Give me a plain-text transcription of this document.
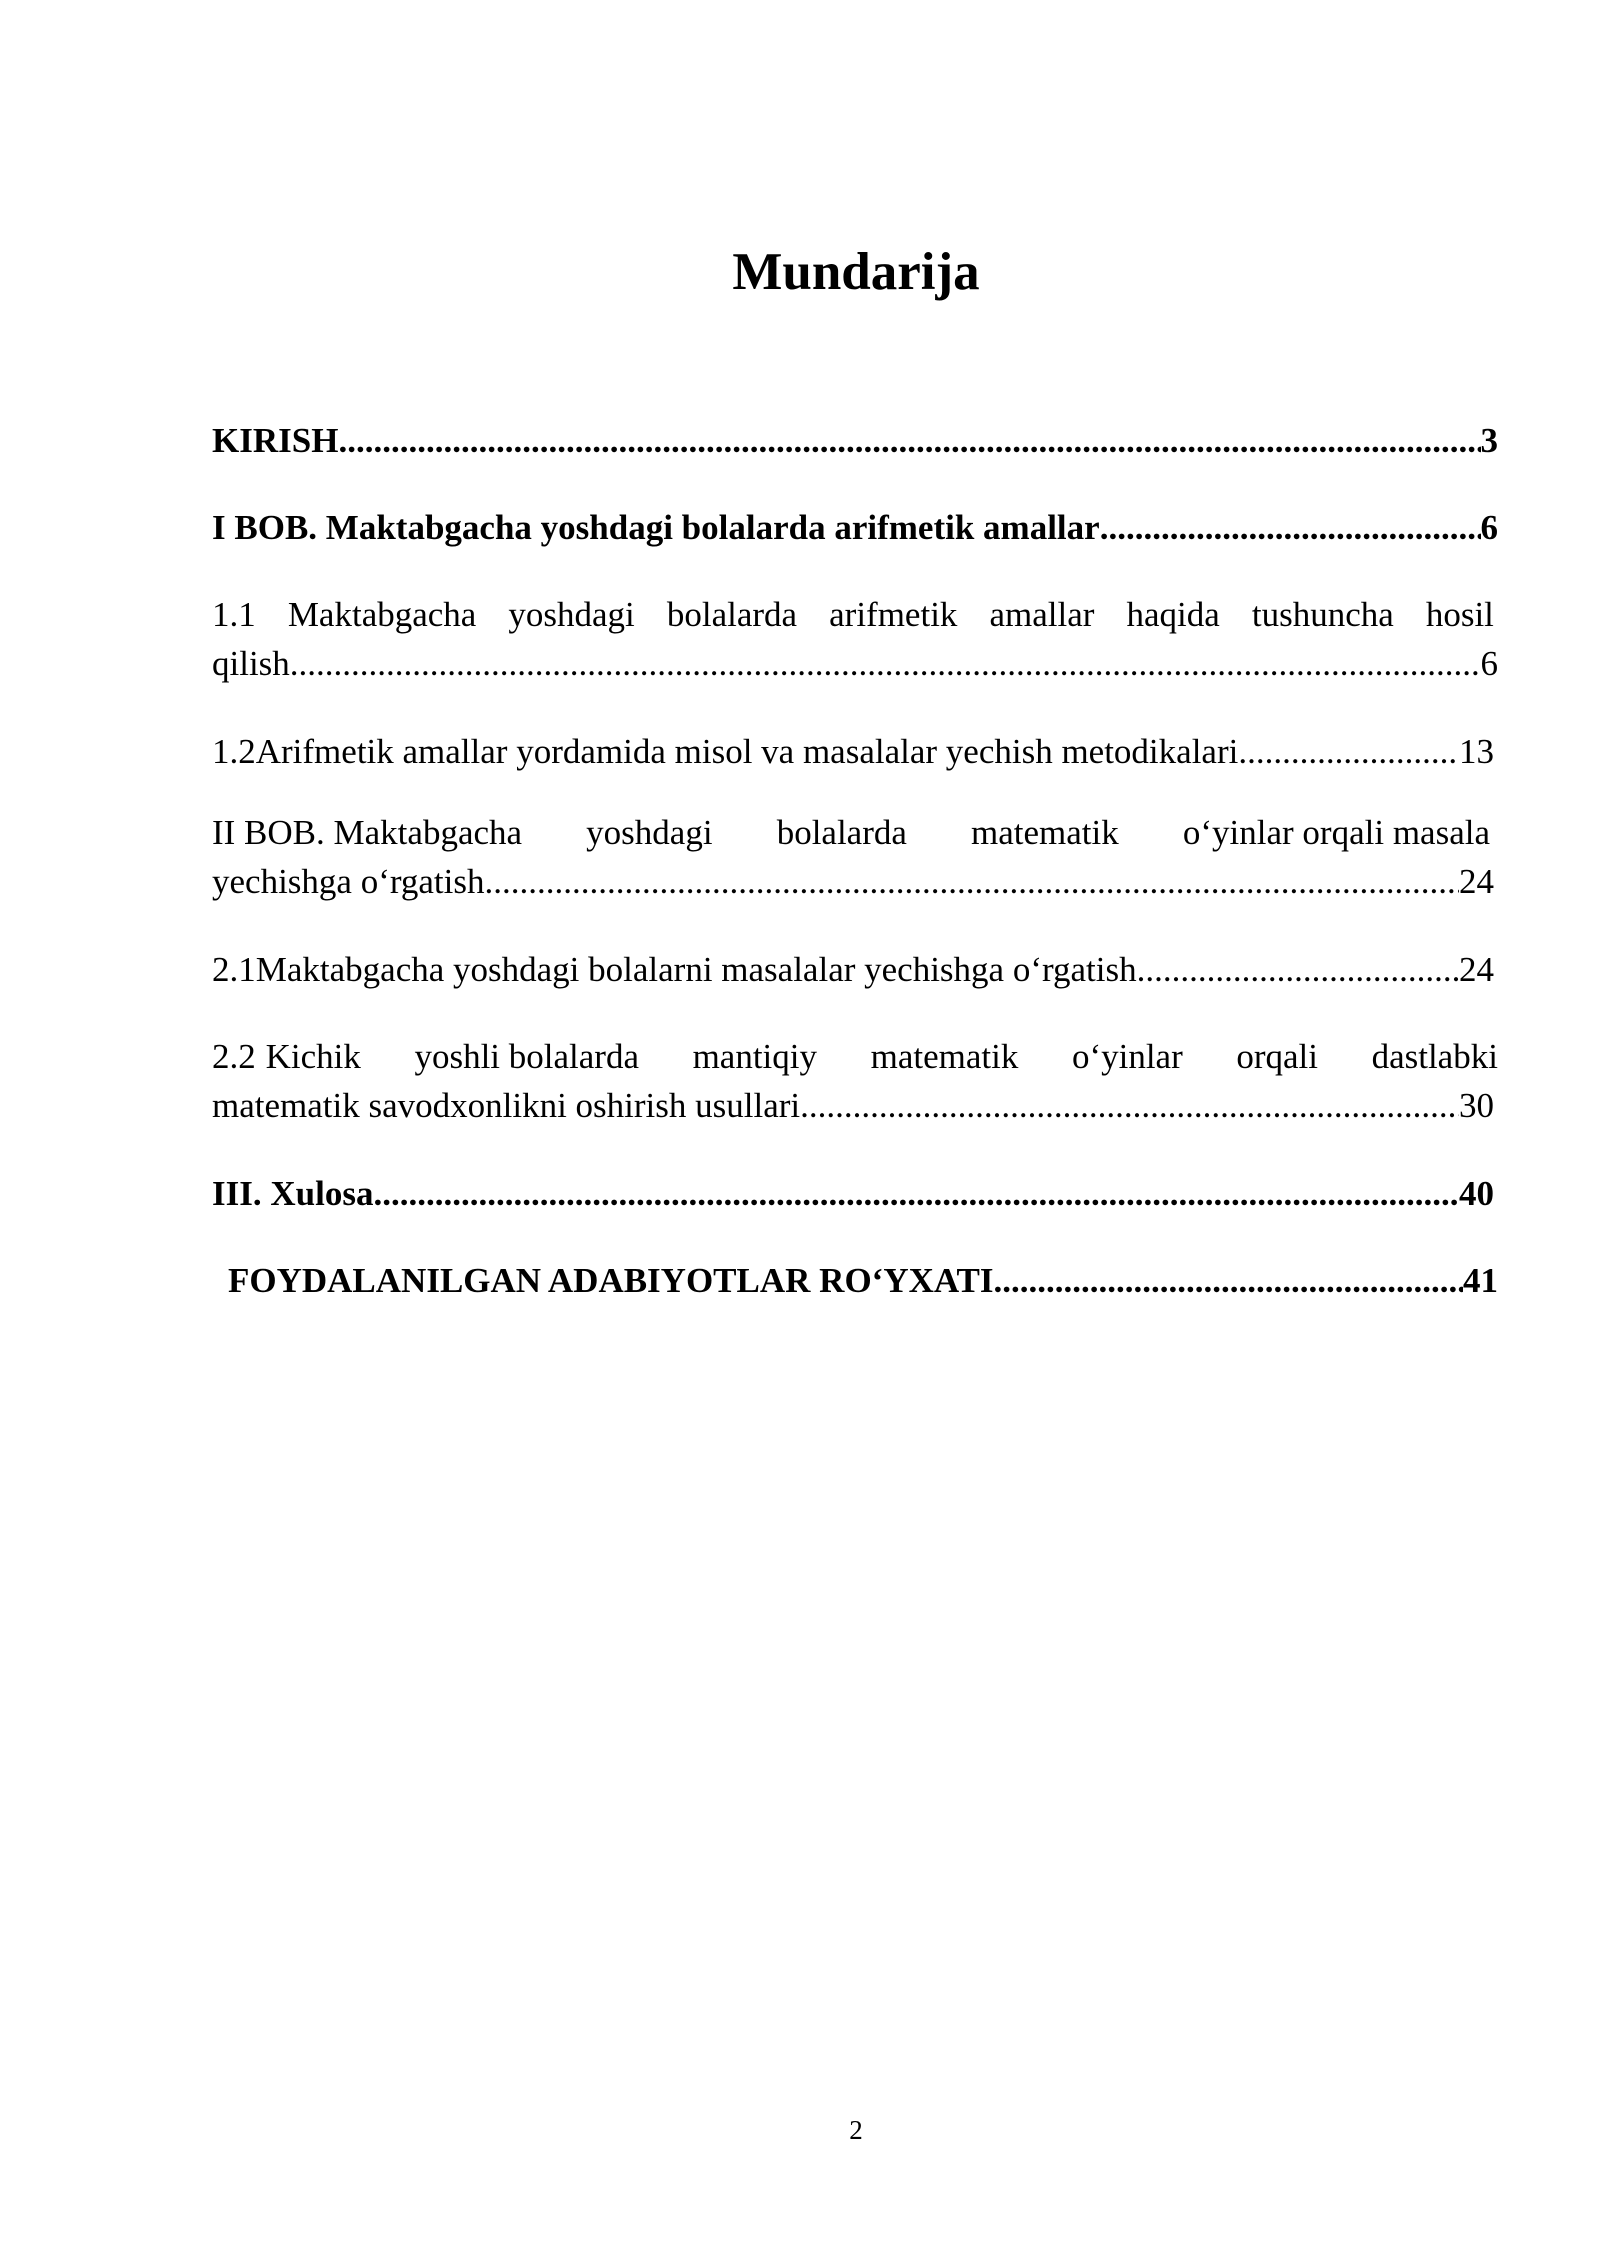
Mundarija
KIRISH .....	3
I BOB. Maktabgacha yoshdagi bolalarda arifmetik amallar .....	6
1.1 Maktabgacha yoshdagi bolalarda arifmetik amallar haqida tushuncha hosil
qilish .....	6
1.2 Arifmetik amallar yordamida misol va masalalar yechish metodikalari .....	13
II BOB. Maktabgacha yoshdagi bolalarda matematik o‘yinlar orqali masala
yechishga o‘rgatish .....	24
2.1 Maktabgacha yoshdagi bolalarni masalalar yechishga o‘rgatish .....	24
2.2 Kichik yoshli bolalarda mantiqiy matematik o‘yinlar orqali dastlabki
matematik savodxonlikni oshirish usullari .....	30
III. Xulosa .....	40
FOYDALANILGAN ADABIYOTLAR RO‘YXATI .....	41
2
